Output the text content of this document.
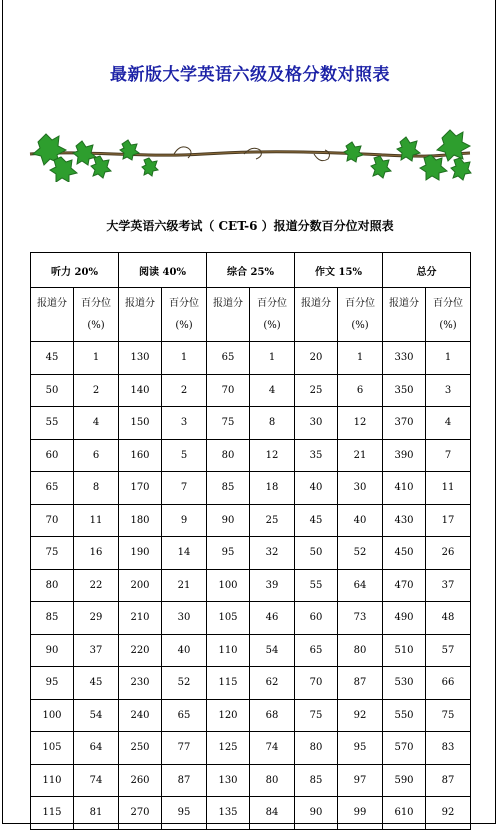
最新版大学英语六级及格分数对照表
大学英语六级考试（ CET-6 ）报道分数百分位对照表
听力 20%		阅读 40%		综合 25%		作文 15%		总分	
报道分	百分位(%)	报道分	百分位(%)	报道分	百分位(%)	报道分	百分位(%)	报道分	百分位(%)
45	1	130	1	65	1	20	1	330	1
50	2	140	2	70	4	25	6	350	3
55	4	150	3	75	8	30	12	370	4
60	6	160	5	80	12	35	21	390	7
65	8	170	7	85	18	40	30	410	11
70	11	180	9	90	25	45	40	430	17
75	16	190	14	95	32	50	52	450	26
80	22	200	21	100	39	55	64	470	37
85	29	210	30	105	46	60	73	490	48
90	37	220	40	110	54	65	80	510	57
95	45	230	52	115	62	70	87	530	66
100	54	240	65	120	68	75	92	550	75
105	64	250	77	125	74	80	95	570	83
110	74	260	87	130	80	85	97	590	87
115	81	270	95	135	84	90	99	610	92
